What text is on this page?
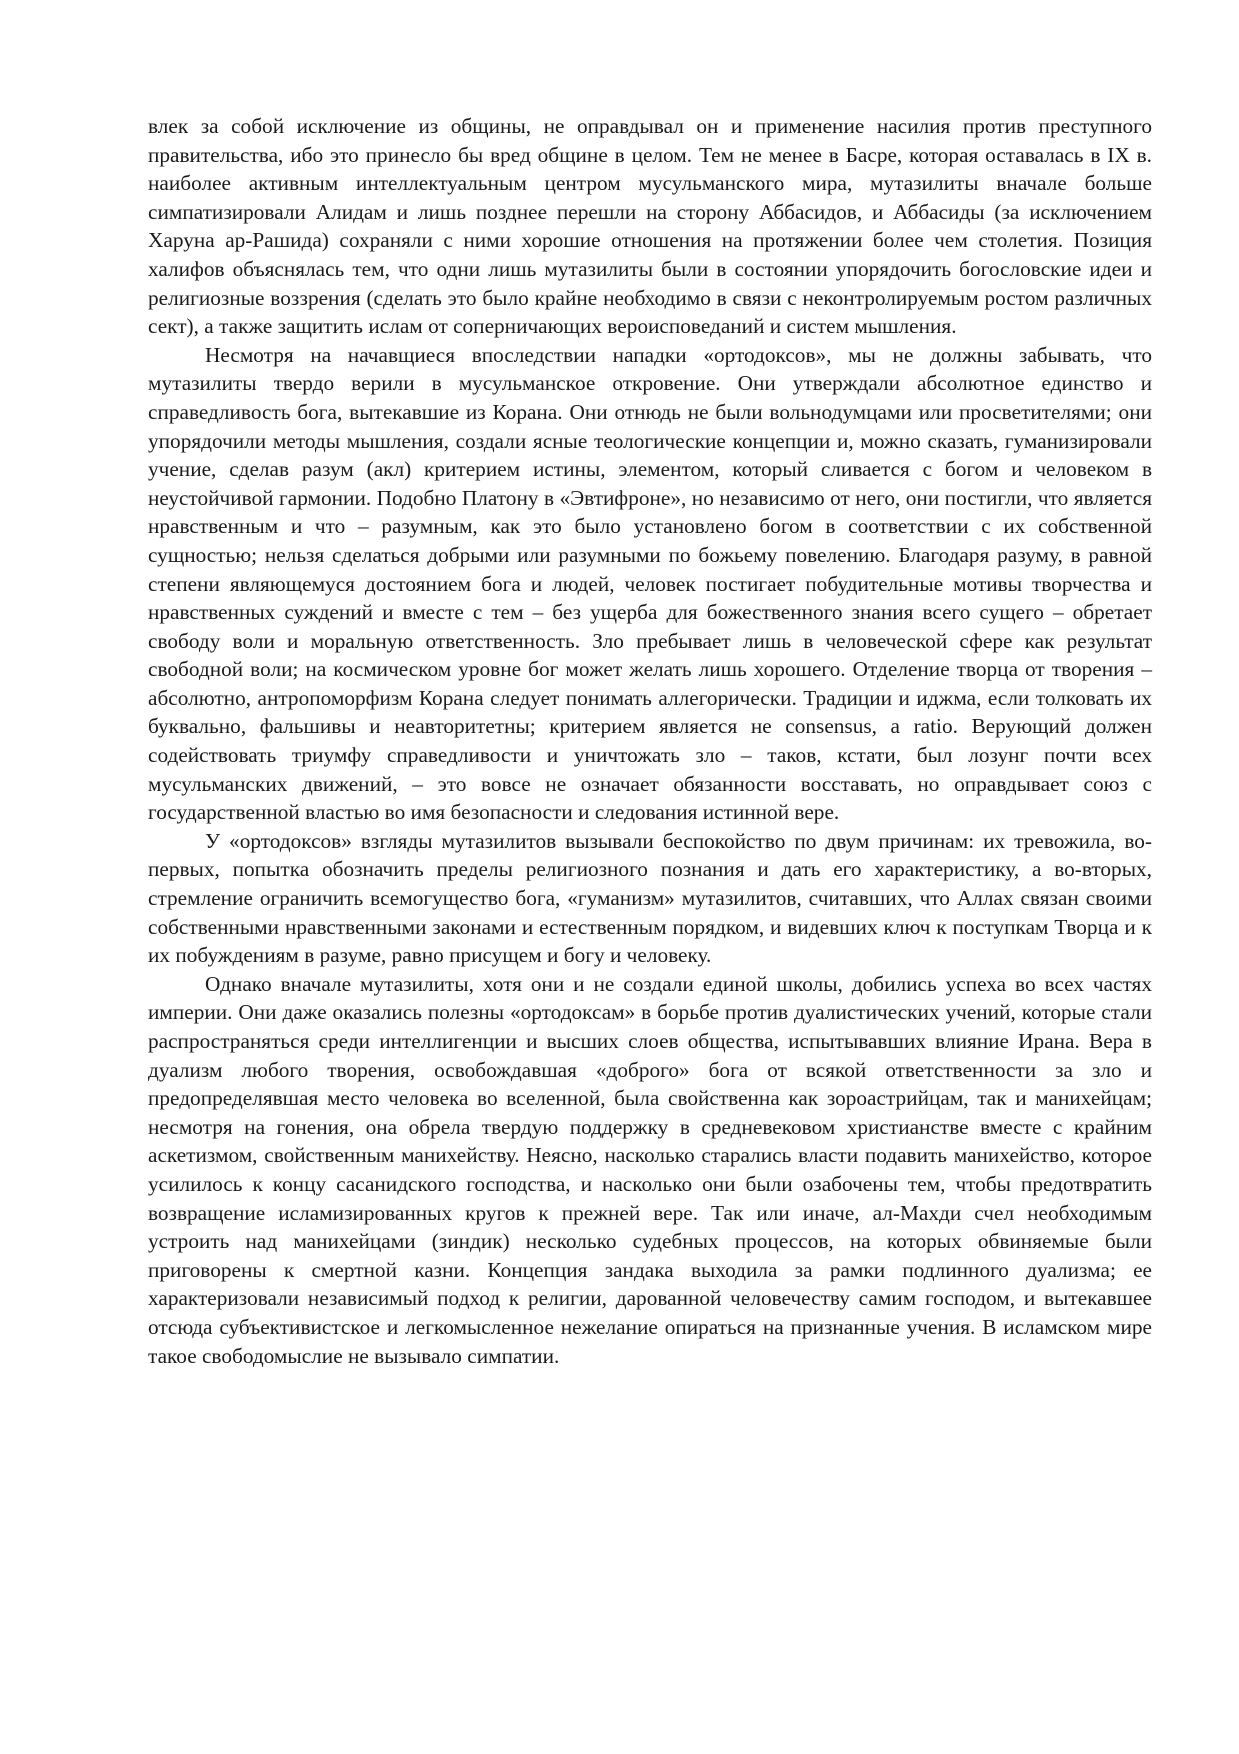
влек за собой исключение из общины, не оправдывал он и применение насилия против преступного правительства, ибо это принесло бы вред общине в целом. Тем не менее в Басре, которая оставалась в IX в. наиболее активным интеллектуальным центром мусульманского мира, мутазилиты вначале больше симпатизировали Алидам и лишь позднее перешли на сторону Аббасидов, и Аббасиды (за исключением Харуна ар-Рашида) сохраняли с ними хорошие отношения на протяжении более чем столетия. Позиция халифов объяснялась тем, что одни лишь мутазилиты были в состоянии упорядочить богословские идеи и религиозные воззрения (сделать это было крайне необходимо в связи с неконтролируемым ростом различных сект), а также защитить ислам от соперничающих вероисповеданий и систем мышления.

Несмотря на начавщиеся впоследствии нападки «ортодоксов», мы не должны забывать, что мутазилиты твердо верили в мусульманское откровение. Они утверждали абсолютное единство и справедливость бога, вытекавшие из Корана. Они отнюдь не были вольнодумцами или просветителями; они упорядочили методы мышления, создали ясные теологические концепции и, можно сказать, гуманизировали учение, сделав разум (акл) критерием истины, элементом, который сливается с богом и человеком в неустойчивой гармонии. Подобно Платону в «Эвтифроне», но независимо от него, они постигли, что является нравственным и что – разумным, как это было установлено богом в соответствии с их собственной сущностью; нельзя сделаться добрыми или разумными по божьему повелению. Благодаря разуму, в равной степени являющемуся достоянием бога и людей, человек постигает побудительные мотивы творчества и нравственных суждений и вместе с тем – без ущерба для божественного знания всего сущего – обретает свободу воли и моральную ответственность. Зло пребывает лишь в человеческой сфере как результат свободной воли; на космическом уровне бог может желать лишь хорошего. Отделение творца от творения – абсолютно, антропоморфизм Корана следует понимать аллегорически. Традиции и иджма, если толковать их буквально, фальшивы и неавторитетны; критерием является не consensus, a ratio. Верующий должен содействовать триумфу справедливости и уничтожать зло – таков, кстати, был лозунг почти всех мусульманских движений, – это вовсе не означает обязанности восставать, но оправдывает союз с государственной властью во имя безопасности и следования истинной вере.

У «ортодоксов» взгляды мутазилитов вызывали беспокойство по двум причинам: их тревожила, во-первых, попытка обозначить пределы религиозного познания и дать его характеристику, а во-вторых, стремление ограничить всемогущество бога, «гуманизм» мутазилитов, считавших, что Аллах связан своими собственными нравственными законами и естественным порядком, и видевших ключ к поступкам Творца и к их побуждениям в разуме, равно присущем и богу и человеку.

Однако вначале мутазилиты, хотя они и не создали единой школы, добились успеха во всех частях империи. Они даже оказались полезны «ортодоксам» в борьбе против дуалистических учений, которые стали распространяться среди интеллигенции и высших слоев общества, испытывавших влияние Ирана. Вера в дуализм любого творения, освобождавшая «доброго» бога от всякой ответственности за зло и предопределявшая место человека во вселенной, была свойственна как зороастрийцам, так и манихейцам; несмотря на гонения, она обрела твердую поддержку в средневековом христианстве вместе с крайним аскетизмом, свойственным манихейству. Неясно, насколько старались власти подавить манихейство, которое усилилось к концу сасанидского господства, и насколько они были озабочены тем, чтобы предотвратить возвращение исламизированных кругов к прежней вере. Так или иначе, ал-Махди счел необходимым устроить над манихейцами (зиндик) несколько судебных процессов, на которых обвиняемые были приговорены к смертной казни. Концепция зандака выходила за рамки подлинного дуализма; ее характеризовали независимый подход к религии, дарованной человечеству самим господом, и вытекавшее отсюда субъективистское и легкомысленное нежелание опираться на признанные учения. В исламском мире такое свободомыслие не вызывало симпатии.
